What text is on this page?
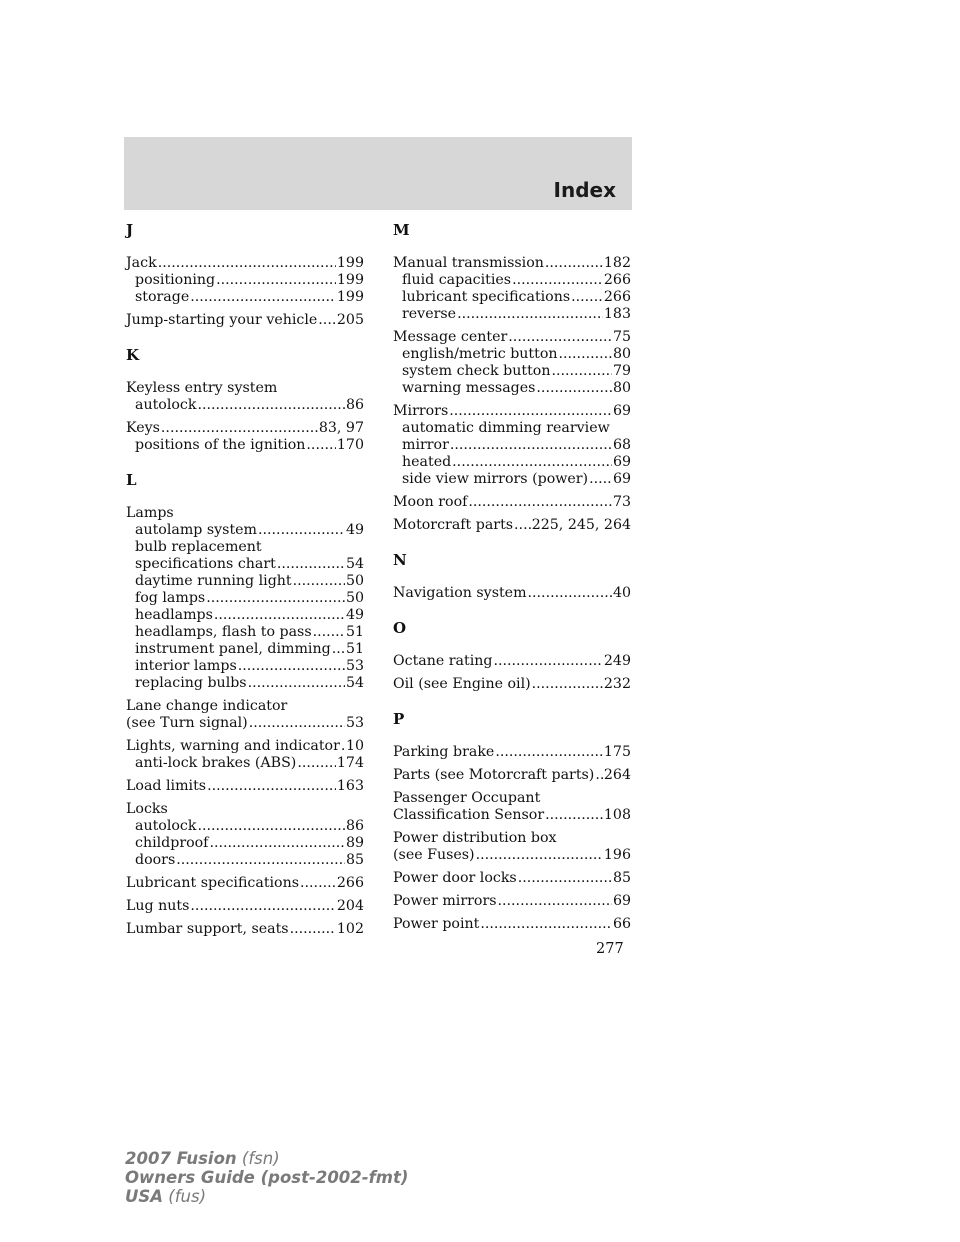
Index
J
Jack .....	199
positioning .....	199
storage .....	199
Jump-starting your vehicle ..... 205
K
Keyless entry system
autolock .....	86
Keys .....	83, 97
positions of the ignition ..... 170
L
Lamps
autolamp system .....	49
bulb replacement
specifications chart .....	54
daytime running light .....	50
fog lamps .....	50
headlamps .....	49
headlamps, flash to pass ..... 51
instrument panel, dimming ..... 51
interior lamps .....	53
replacing bulbs .....	54
Lane change indicator
(see Turn signal) .....	53
Lights, warning and indicator ..... 10
anti-lock brakes (ABS) .....	174
Load limits .....	163
Locks
autolock .....	86
childproof .....	89
doors .....	85
Lubricant specifications .....	266
Lug nuts .....	204
Lumbar support, seats .....	102
M
Manual transmission .....	182
fluid capacities .....	266
lubricant specifications ..... 266
reverse .....	183
Message center .....	75
english/metric button .....	80
system check button .....	79
warning messages .....	80
Mirrors .....	69
automatic dimming rearview
mirror .....	68
heated .....	69
side view mirrors (power) ..... 69
Moon roof .....	73
Motorcraft parts ..... 225, 245, 264
N
Navigation system .....	40
O
Octane rating .....	249
Oil (see Engine oil) .....	232
P
Parking brake .....	175
Parts (see Motorcraft parts) ..... 264
Passenger Occupant
Classification Sensor .....	108
Power distribution box
(see Fuses) .....	196
Power door locks .....	85
Power mirrors .....	69
Power point .....	66
277
2007 Fusion (fsn)
Owners Guide (post-2002-fmt)
USA (fus)
